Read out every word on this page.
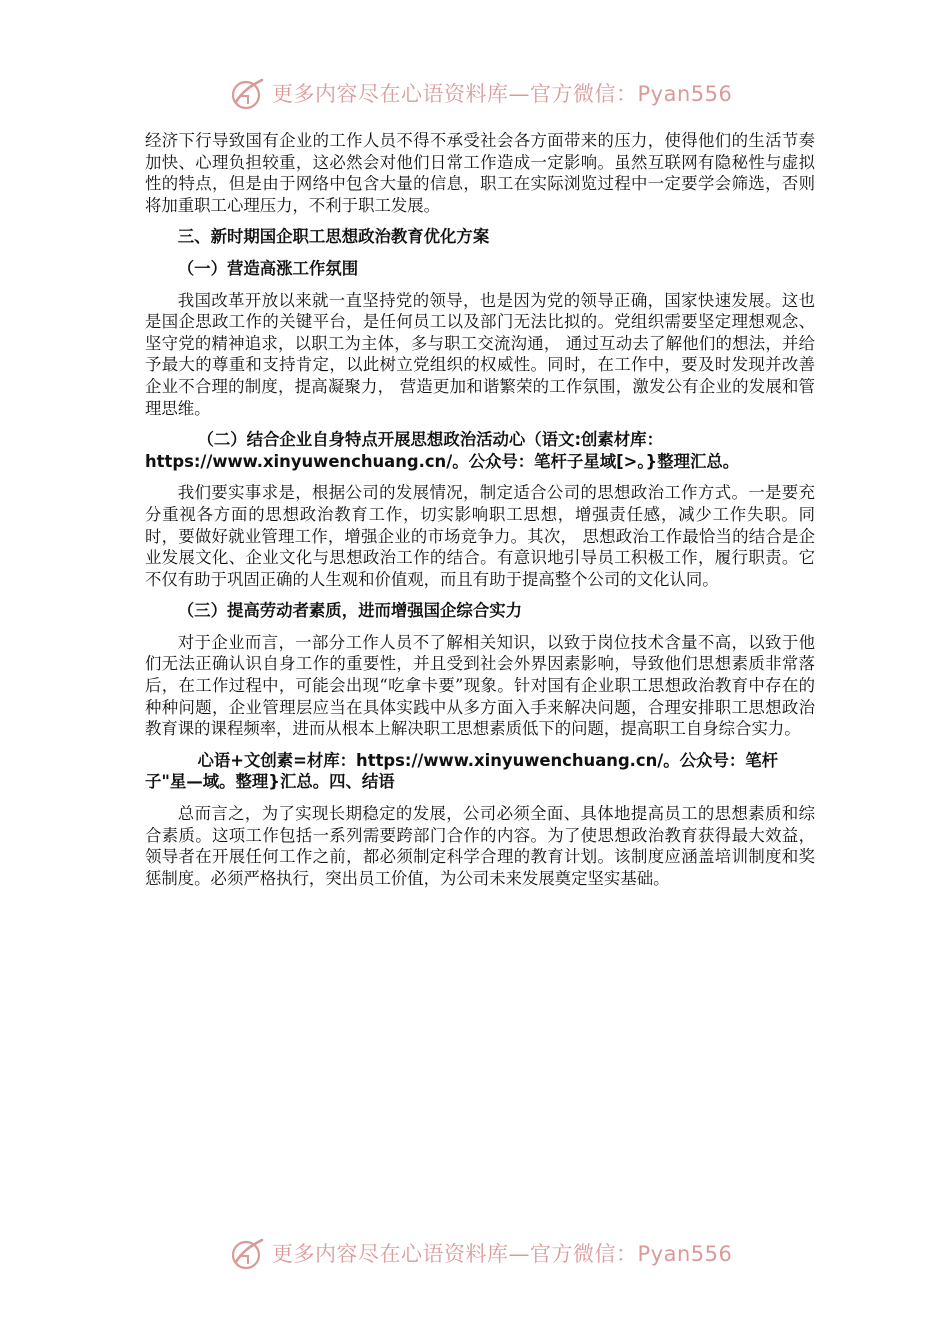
更多内容尽在心语资料库—官方微信：Pyan556

经济下行导致国有企业的工作人员不得不承受社会各方面带来的压力，使得他们的生活节奏加快、心理负担较重，这必然会对他们日常工作造成一定影响。虽然互联网有隐秘性与虚拟性的特点，但是由于网络中包含大量的信息，职工在实际浏览过程中一定要学会筛选，否则将加重职工心理压力，不利于职工发展。

三、新时期国企职工思想政治教育优化方案
（一）营造高涨工作氛围

我国改革开放以来就一直坚持党的领导，也是因为党的领导正确，国家快速发展。这也是国企思政工作的关键平台，是任何员工以及部门无法比拟的。党组织需要坚定理想观念、坚守党的精神追求，以职工为主体，多与职工交流沟通， 通过互动去了解他们的想法，并给予最大的尊重和支持肯定，以此树立党组织的权威性。同时，在工作中，要及时发现并改善企业不合理的制度，提高凝聚力， 营造更加和谐繁荣的工作氛围，激发公有企业的发展和管理思维。

（二）结合企业自身特点开展思想政治活动心（语文:创素材库：https://www.xinyuwenchuang.cn/。公众号：笔杆子星域[>。}整理汇总。

我们要实事求是，根据公司的发展情况，制定适合公司的思想政治工作方式。一是要充分重视各方面的思想政治教育工作，切实影响职工思想，增强责任感，减少工作失职。同时，要做好就业管理工作，增强企业的市场竞争力。其次， 思想政治工作最恰当的结合是企业发展文化、企业文化与思想政治工作的结合。有意识地引导员工积极工作，履行职责。它不仅有助于巩固正确的人生观和价值观，而且有助于提高整个公司的文化认同。

（三）提高劳动者素质，进而增强国企综合实力

对于企业而言，一部分工作人员不了解相关知识，以致于岗位技术含量不高，以致于他们无法正确认识自身工作的重要性，并且受到社会外界因素影响，导致他们思想素质非常落后，在工作过程中，可能会出现“吃拿卡要”现象。针对国有企业职工思想政治教育中存在的种种问题，企业管理层应当在具体实践中从多方面入手来解决问题，合理安排职工思想政治教育课的课程频率，进而从根本上解决职工思想素质低下的问题，提高职工自身综合实力。

心语+文创素=材库：https://www.xinyuwenchuang.cn/。公众号：笔杆子"星—域。整理}汇总。四、结语

总而言之，为了实现长期稳定的发展，公司必须全面、具体地提高员工的思想素质和综合素质。这项工作包括一系列需要跨部门合作的内容。为了使思想政治教育获得最大效益，领导者在开展任何工作之前，都必须制定科学合理的教育计划。该制度应涵盖培训制度和奖惩制度。必须严格执行，突出员工价值，为公司未来发展奠定坚实基础。

更多内容尽在心语资料库—官方微信：Pyan556
